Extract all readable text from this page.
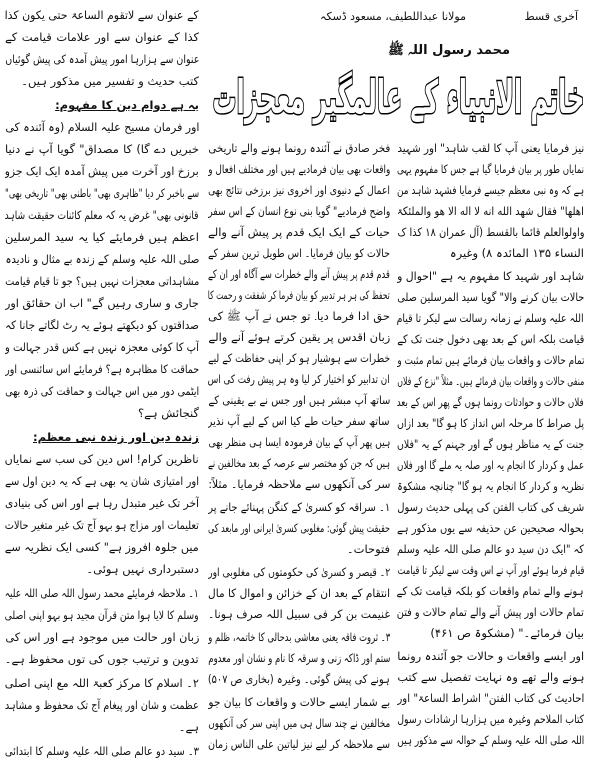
آخری قسط
مولانا عبداللطیف، مسعود ڈسکہ
خاتم الانبیاء کے عالمگیر معجزات
محمد رسول اللہ ﷺ
نیز فرمایا یعنی آپ کا لقب شاہد" اور شہید
نمایاں طور پر بیان فرمایا گیا ہے جس کا مفہوم یہی
ہے کہ وہ نبی معظم جیسے فرمایا فشہد شاہد من
اهلها" فقال شهد الله انه لا اله الا هو والملئکۃ
واولوالعلم قائما بالقسط (آل عمران ۱۸ کذا ک
النساء ۱۳۵ المائدہ ۸) وغیرہ
شاہد اور شہید کا مفہوم یہ ہے "احوال و
حالات بیان کرنے والا" گویا سید المرسلین صلی
اللہ علیہ وسلم نے زمانہ رسالت سے لیکر تا قیام
قیامت بلکہ اس کے بعد بھی دخول جنت تک کے
تمام حالات و واقعات بیان فرمائے ہیں تمام مثبت و
منفی حالات و واقعات بیان فرمائے ہیں۔ مثلاً "نزع کے فلاں
فلاں حالات و حوادثات رونما ہوں گے پھر اس کے بعد
پل صراط کا مرحلہ اس انداز کا ہو گا" بعد ازاں
جنت کے یہ مناظر ہوں گے اور جہنم کے یہ "فلاں
عمل و کردار کا انجام یہ اور صلہ یہ ملے گا اور فلاں
نظریہ و کردار کا انجام یہ ہو گا" چنانچہ مشکوۃ
شریف کی کتاب الفتن کی پہلی حدیث رسول
بحوالہ صحیحین عن حذیفہ سے یوں مذکور ہے
کہ "ایک دن سید دو عالم صلی اللہ علیہ وسلم
قیام فرما ہوئے اور آپ نے اس وقت سے لیکر تا قیامت
ہونے والے تمام واقعات کو بلکہ قیامت تک کے
تمام حالات اور پیش آنے والے تمام حالات و فتن
بیان فرمائے۔" (مشکوۃ ص ۴۶۱)
اور ایسے واقعات و حالات جو آئندہ رونما
ہونے والے تھے وہ نہایت تفصیل سے کتب
احادیث کی کتاب الفتن" اشراط الساعۃ" اور
کتاب الملاحم وغیرہ میں ہزارہا ارشادات رسول
اللہ صلی اللہ علیہ وسلم کے حوالہ سے مذکور ہیں
فخر صادق نے آئندہ رونما ہونے والے تاریخی
واقعات بھی بیان فرمادیے ہیں اور مختلف افعال و
اعمال کے دنیوی اور اخروی نیز برزخی نتائج بھی
واضح فرمادیے" گویا بنی نوع انسان کے اس سفر
حیات کے ایک ایک قدم پر پیش آنے والے
حالات کو بیان فرمایا۔ اس طویل ترین سفر کے
قدم قدم پر پیش آنے والے خطرات سے آگاہ اور ان کے
تحفظ کی ہر ہر تدبیر کو بیان فرما کر شفقت و رحمت کا
حق ادا فرما دیا۔ تو جس نے آپ ﷺ کی
زبان اقدس پر یقین کرتے ہوئے آنے والے
خطرات سے ہوشیار ہو کر اپنی حفاظت کے لیے
ان تدابیر کو اختیار کر لیا وہ ہر پیش رفت کی اس
ساتھ آپ مبشر ہیں اور جس نے بے یقینی کے
ساتھ سفر حیات طے کیا اس کے لیے آپ نذیر
ہیں پھر آپ کے بیان فرمودہ ایسا ہی منظر بھی
ہیں کہ جن کو مختصر سے عرصہ کے بعد مخالفین نے
سر کی آنکھوں سے ملاحظہ فرمایا۔ مثلاً:
۱۔ سراقہ کو کسریٰ کے کنگن پہنائے جانے پر
حقیقت پیش گوئی: مغلوبی کسریٰ ایرانی اور مابعد کی
فتوحات۔
۲۔ قیصر و کسریٰ کی حکومتوں کی مغلوبی اور
انتقام کے بعد ان کے خزائن و اموال کا مال
غنیمت بن کر فی سبیل اللہ صرف ہونا۔
۳۔ ثروت فاقہ یعنی معاشی بدحالی کا خاتمہ، ظلم و
ستم اور ڈاکہ زنی و سرقہ کا نام و نشان اور معدوم
ہونے کی پیش گوئی۔ وغیرہ (بخاری ص ۵۰۷)
بے شمار ایسے حالات و واقعات کا بیان جو
مخالفین نے چند سال ہی میں اپنی سر کی آنکھوں
سے ملاحظہ کر لیے نیز لیاتین علی الناس زمان
کے عنوان سے لاتقوم الساعۃ حتی یکون کذا
کذا کے عنوان سے اور علامات قیامت کے
عنوان سے ہزارہا امور پیش آمدہ کی پیش گوئیاں
کتب حدیث و تفسیر میں مذکور ہیں۔
یہ ہے دوام دین کا مفہوم:
اور فرمان مسیح علیہ السلام (وہ آئندہ کی
خبریں دے گا) کا مصداق" گویا آپ نے دنیا
برزخ اور آخرت میں پیش آمدہ ایک ایک جزو
سے باخبر کر دیا "ظاہری بھی" باطنی بھی" تاریخی بھی"
قانونی بھی" غرض یہ کہ معلم کائنات حقیقت شاہد
اعظم ہیں فرمایئے کیا یہ سید المرسلین
صلی اللہ علیہ وسلم کے زندہ بے مثال و نادیدہ
مشاہداتی معجزات نہیں ہیں؟ جو تا قیام قیامت
جاری و ساری رہیں گے" اب ان حقائق اور
صداقتوں کو دیکھتے ہوئے یہ رٹ لگاتے جانا کہ
آپ کا کوئی معجزہ نہیں ہے کس قدر جہالت و
حماقت کا مظاہرہ ہے؟ فرمایئے اس سائنسی اور
ایٹمی دور میں اس جہالت و حماقت کی ذرہ بھی
گنجائش ہے؟
زندہ دین اور زندہ نبی معظم:
ناظرین کرام! اس دین کی سب سے نمایاں
اور امتیازی شان یہ بھی ہے کہ یہ دین اول سے
آخر تک غیر متبدل رہا ہے اور اس کی بنیادی
تعلیمات اور مزاج ہو بہو آج تک غیر متغیر حالات
میں جلوہ افروز ہے" کسی ایک نظریہ سے
دستبرداری نہیں ہوئی۔
۱۔ ملاحظہ فرمایئے محمد رسول اللہ صلی اللہ علیہ
وسلم کا لایا ہوا متن قرآن مجید ہو بہو اپنی اصلی
زبان اور حالت میں موجود ہے اور اس کی
تدوین و ترتیب جوں کی توں محفوظ ہے۔
۲۔ اسلام کا مرکز کعبۃ اللہ مع اپنی اصلی
عظمت و شان اور پیغام آج تک محفوظ و مشاہد
ہے۔
۳۔ سید دو عالم صلی اللہ علیہ وسلم کا ابتدائی
